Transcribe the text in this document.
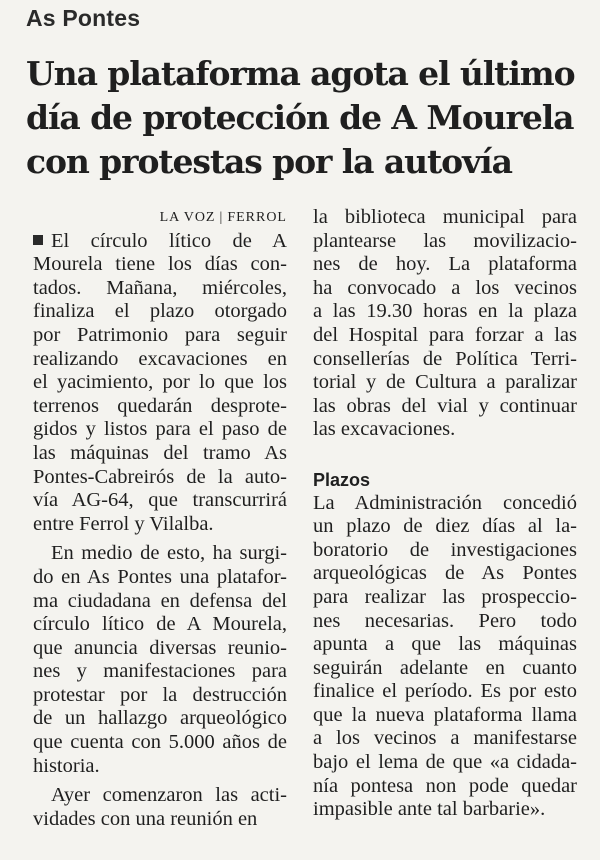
As Pontes
Una plataforma agota el último
día de protección de A Mourela
con protestas por la autovía
LA VOZ | FERROL
El círculo lítico de A
Mourela tiene los días con-
tados. Mañana, miércoles,
finaliza el plazo otorgado
por Patrimonio para seguir
realizando excavaciones en
el yacimiento, por lo que los
terrenos quedarán desprote-
gidos y listos para el paso de
las máquinas del tramo As
Pontes-Cabreirós de la auto-
vía AG-64, que transcurrirá
entre Ferrol y Vilalba.
En medio de esto, ha surgi-
do en As Pontes una platafor-
ma ciudadana en defensa del
círculo lítico de A Mourela,
que anuncia diversas reunio-
nes y manifestaciones para
protestar por la destrucción
de un hallazgo arqueológico
que cuenta con 5.000 años de
historia.
Ayer comenzaron las acti-
vidades con una reunión en
la biblioteca municipal para
plantearse las movilizacio-
nes de hoy. La plataforma
ha convocado a los vecinos
a las 19.30 horas en la plaza
del Hospital para forzar a las
consellerías de Política Terri-
torial y de Cultura a paralizar
las obras del vial y continuar
las excavaciones.
Plazos
La Administración concedió
un plazo de diez días al la-
boratorio de investigaciones
arqueológicas de As Pontes
para realizar las prospeccio-
nes necesarias. Pero todo
apunta a que las máquinas
seguirán adelante en cuanto
finalice el período. Es por esto
que la nueva plataforma llama
a los vecinos a manifestarse
bajo el lema de que «a cidada-
nía pontesa non pode quedar
impasible ante tal barbarie».
